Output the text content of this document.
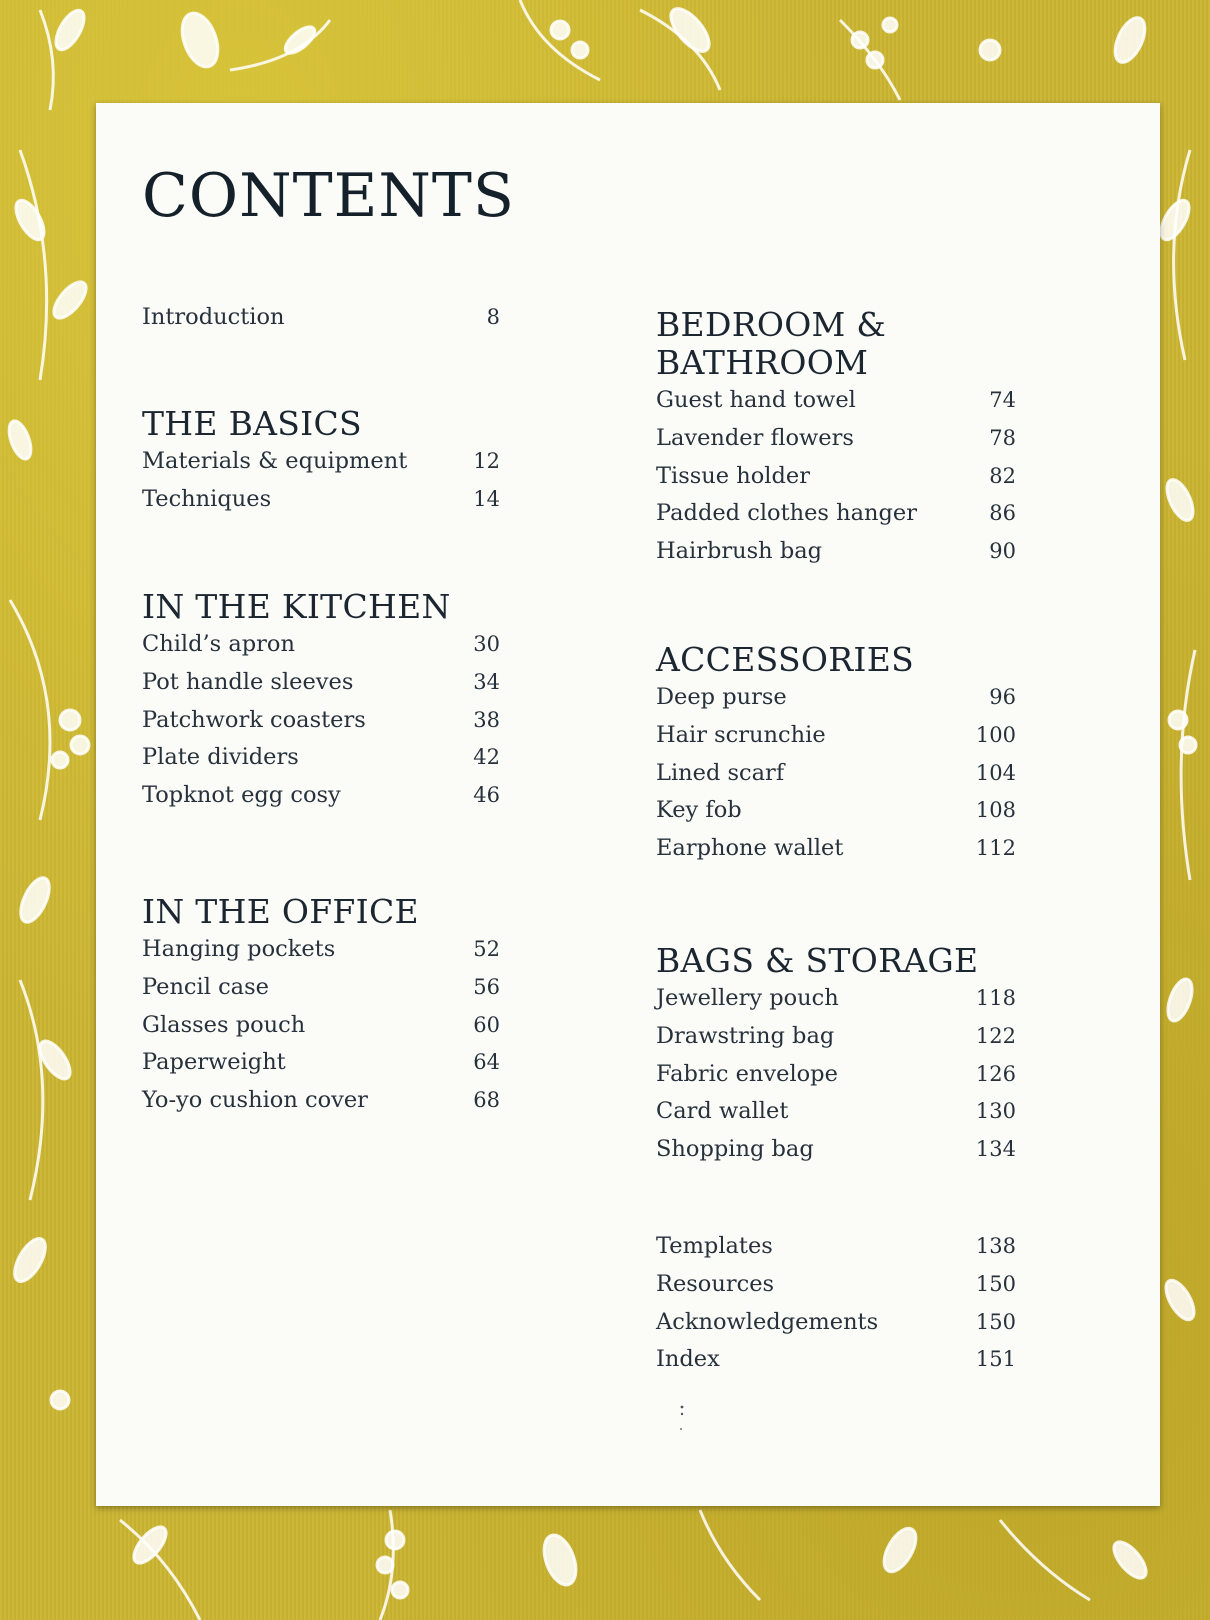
CONTENTS
Introduction	8
THE BASICS
Materials & equipment	12
Techniques	14
IN THE KITCHEN
Child’s apron	30
Pot handle sleeves	34
Patchwork coasters	38
Plate dividers	42
Topknot egg cosy	46
IN THE OFFICE
Hanging pockets	52
Pencil case	56
Glasses pouch	60
Paperweight	64
Yo-yo cushion cover	68
BEDROOM &
BATHROOM
Guest hand towel	74
Lavender flowers	78
Tissue holder	82
Padded clothes hanger	86
Hairbrush bag	90
ACCESSORIES
Deep purse	96
Hair scrunchie	100
Lined scarf	104
Key fob	108
Earphone wallet	112
BAGS & STORAGE
Jewellery pouch	118
Drawstring bag	122
Fabric envelope	126
Card wallet	130
Shopping bag	134
Templates	138
Resources	150
Acknowledgements	150
Index	151
